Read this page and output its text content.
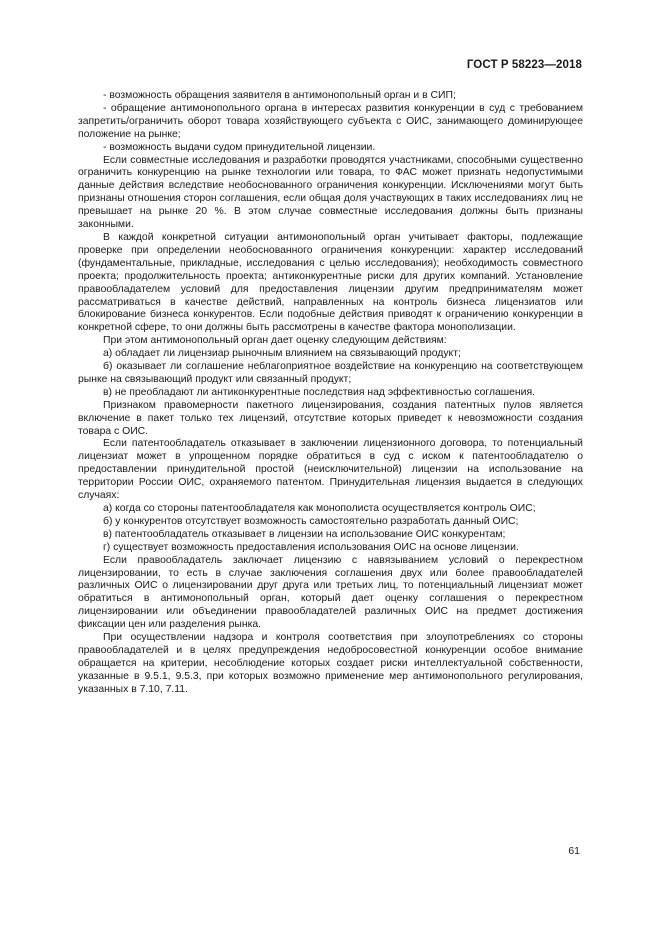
ГОСТ Р 58223—2018

- возможность обращения заявителя в антимонопольный орган и в СИП;

- обращение антимонопольного органа в интересах развития конкуренции в суд с требованием запретить/ограничить оборот товара хозяйствующего субъекта с ОИС, занимающего доминирующее положение на рынке;

- возможность выдачи судом принудительной лицензии.

Если совместные исследования и разработки проводятся участниками, способными существенно ограничить конкуренцию на рынке технологии или товара, то ФАС может признать недопустимыми данные действия вследствие необоснованного ограничения конкуренции. Исключениями могут быть признаны отношения сторон соглашения, если общая доля участвующих в таких исследованиях лиц не превышает на рынке 20 %. В этом случае совместные исследования должны быть признаны законными.

В каждой конкретной ситуации антимонопольный орган учитывает факторы, подлежащие проверке при определении необоснованного ограничения конкуренции: характер исследований (фундаментальные, прикладные, исследования с целью исследования); необходимость совместного проекта; продолжительность проекта; антиконкурентные риски для других компаний. Установление правообладателем условий для предоставления лицензии другим предпринимателям может рассматриваться в качестве действий, направленных на контроль бизнеса лицензиатов или блокирование бизнеса конкурентов. Если подобные действия приводят к ограничению конкуренции в конкретной сфере, то они должны быть рассмотрены в качестве фактора монополизации.

При этом антимонопольный орган дает оценку следующим действиям:

а) обладает ли лицензиар рыночным влиянием на связывающий продукт;

б) оказывает ли соглашение неблагоприятное воздействие на конкуренцию на соответствующем рынке на связывающий продукт или связанный продукт;

в) не преобладают ли антиконкурентные последствия над эффективностью соглашения.

Признаком правомерности пакетного лицензирования, создания патентных пулов является включение в пакет только тех лицензий, отсутствие которых приведет к невозможности создания товара с ОИС.

Если патентообладатель отказывает в заключении лицензионного договора, то потенциальный лицензиат может в упрощенном порядке обратиться в суд с иском к патентообладателю о предоставлении принудительной простой (неисключительной) лицензии на использование на территории России ОИС, охраняемого патентом. Принудительная лицензия выдается в следующих случаях:

а) когда со стороны патентообладателя как монополиста осуществляется контроль ОИС;

б) у конкурентов отсутствует возможность самостоятельно разработать данный ОИС;

в) патентообладатель отказывает в лицензии на использование ОИС конкурентам;

г) существует возможность предоставления использования ОИС на основе лицензии.

Если правообладатель заключает лицензию с навязыванием условий о перекрестном лицензировании, то есть в случае заключения соглашения двух или более правообладателей различных ОИС о лицензировании друг друга или третьих лиц, то потенциальный лицензиат может обратиться в антимонопольный орган, который дает оценку соглашения о перекрестном лицензировании или объединении правообладателей различных ОИС на предмет достижения фиксации цен или разделения рынка.

При осуществлении надзора и контроля соответствия при злоупотреблениях со стороны правообладателей и в целях предупреждения недобросовестной конкуренции особое внимание обращается на критерии, несоблюдение которых создает риски интеллектуальной собственности, указанные в 9.5.1, 9.5.3, при которых возможно применение мер антимонопольного регулирования, указанных в 7.10, 7.11.

61
